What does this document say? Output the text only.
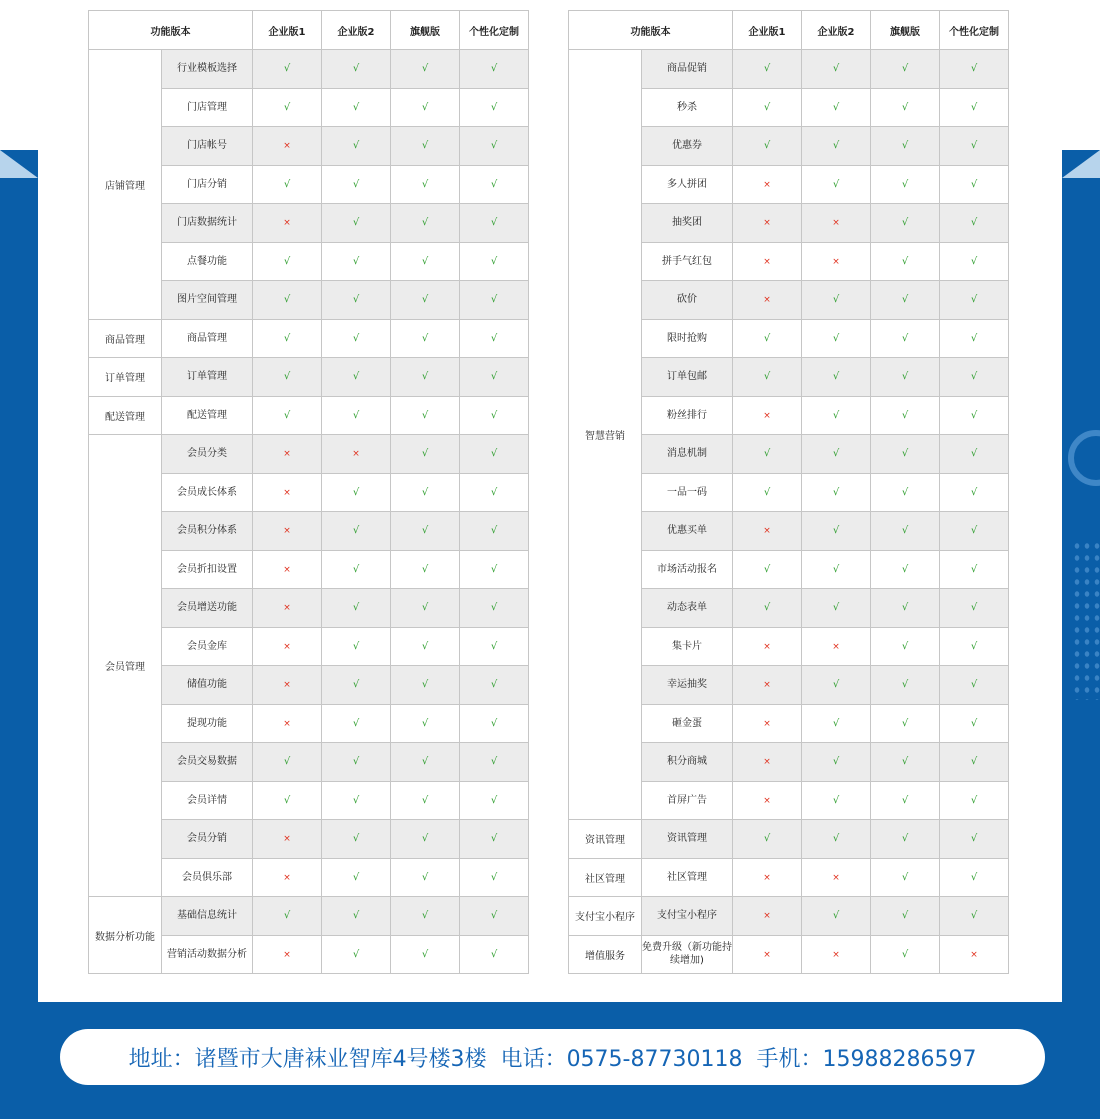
功能版本		企业版1	企业版2	旗舰版	个性化定制
店铺管理	行业模板选择	√	√	√	√
	门店管理	√	√	√	√
	门店帐号	×	√	√	√
	门店分销	√	√	√	√
	门店数据统计	×	√	√	√
	点餐功能	√	√	√	√
	图片空间管理	√	√	√	√
商品管理	商品管理	√	√	√	√
订单管理	订单管理	√	√	√	√
配送管理	配送管理	√	√	√	√
会员管理	会员分类	×	×	√	√
	会员成长体系	×	√	√	√
	会员积分体系	×	√	√	√
	会员折扣设置	×	√	√	√
	会员增送功能	×	√	√	√
	会员金库	×	√	√	√
	储值功能	×	√	√	√
	提现功能	×	√	√	√
	会员交易数据	√	√	√	√
	会员详情	√	√	√	√
	会员分销	×	√	√	√
	会员俱乐部	×	√	√	√
数据分析功能	基础信息统计	√	√	√	√
	营销活动数据分析	×	√	√	√
功能版本		企业版1	企业版2	旗舰版	个性化定制
智慧营销	商品促销	√	√	√	√
	秒杀	√	√	√	√
	优惠券	√	√	√	√
	多人拼团	×	√	√	√
	抽奖团	×	×	√	√
	拼手气红包	×	×	√	√
	砍价	×	√	√	√
	限时抢购	√	√	√	√
	订单包邮	√	√	√	√
	粉丝排行	×	√	√	√
	消息机制	√	√	√	√
	一品一码	√	√	√	√
	优惠买单	×	√	√	√
	市场活动报名	√	√	√	√
	动态表单	√	√	√	√
	集卡片	×	×	√	√
	幸运抽奖	×	√	√	√
	砸金蛋	×	√	√	√
	积分商城	×	√	√	√
	首屏广告	×	√	√	√
资讯管理	资讯管理	√	√	√	√
社区管理	社区管理	×	×	√	√
支付宝小程序	支付宝小程序	×	√	√	√
增值服务	免费升级（新功能持续增加)	×	×	√	×
地址：诸暨市大唐袜业智库4号楼3楼 电话：0575-87730118 手机：15988286597
